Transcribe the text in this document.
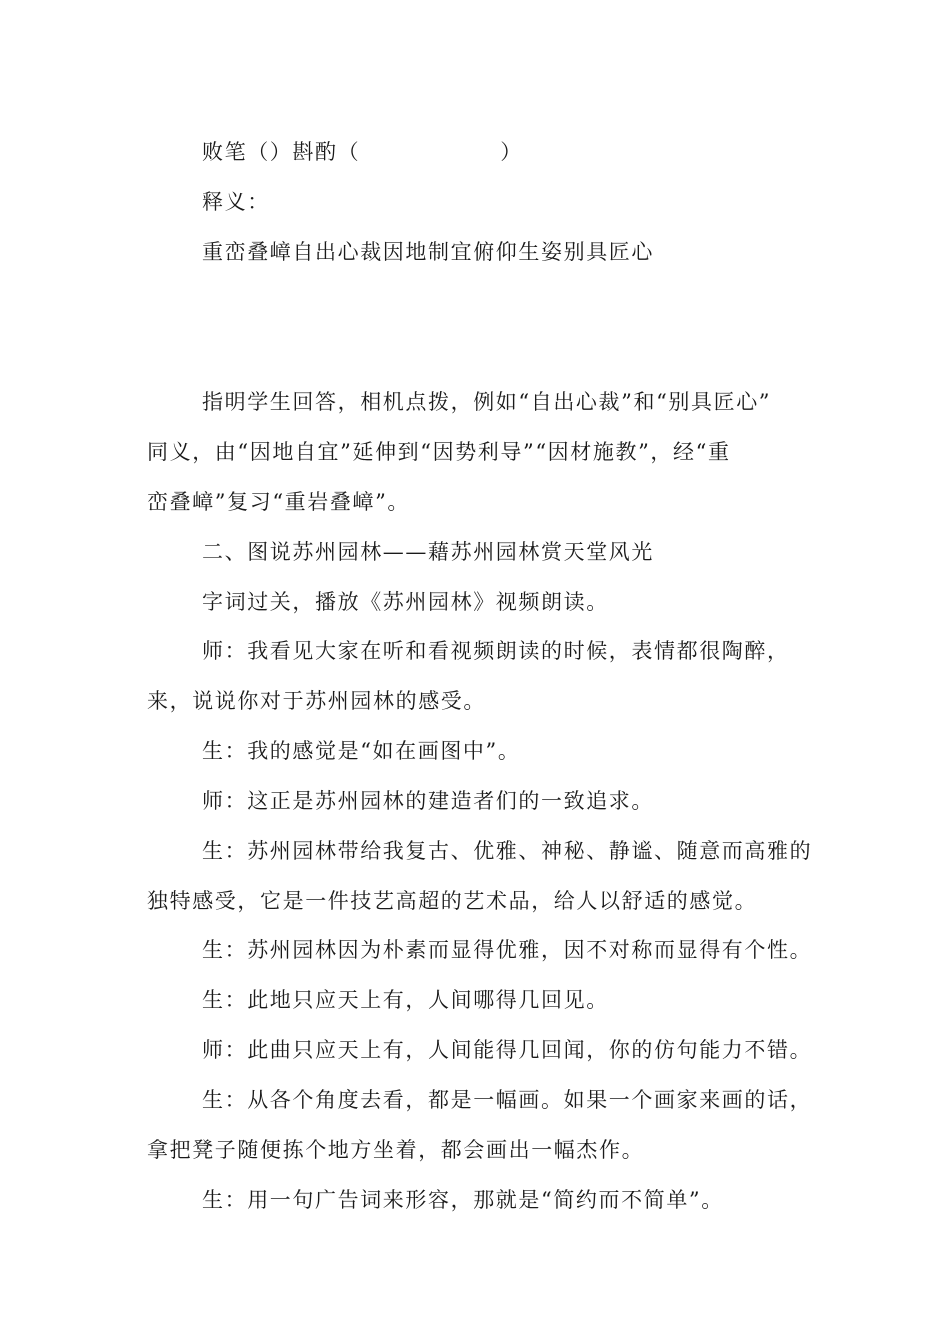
败笔（）斟酌（	）
释义：
重峦叠嶂自出心裁因地制宜俯仰生姿别具匠心
指明学生回答，相机点拨，例如“自出心裁”和“别具匠心”
同义，由“因地自宜”延伸到“因势利导”“因材施教”，经“重
峦叠嶂”复习“重岩叠嶂”。
二、图说苏州园林——藉苏州园林赏天堂风光
字词过关，播放《苏州园林》视频朗读。
师：我看见大家在听和看视频朗读的时候，表情都很陶醉，
来，说说你对于苏州园林的感受。
生：我的感觉是“如在画图中”。
师：这正是苏州园林的建造者们的一致追求。
生：苏州园林带给我复古、优雅、神秘、静谧、随意而高雅的
独特感受，它是一件技艺高超的艺术品，给人以舒适的感觉。
生：苏州园林因为朴素而显得优雅，因不对称而显得有个性。
生：此地只应天上有，人间哪得几回见。
师：此曲只应天上有，人间能得几回闻，你的仿句能力不错。
生：从各个角度去看，都是一幅画。如果一个画家来画的话，
拿把凳子随便拣个地方坐着，都会画出一幅杰作。
生：用一句广告词来形容，那就是“简约而不简单”。
